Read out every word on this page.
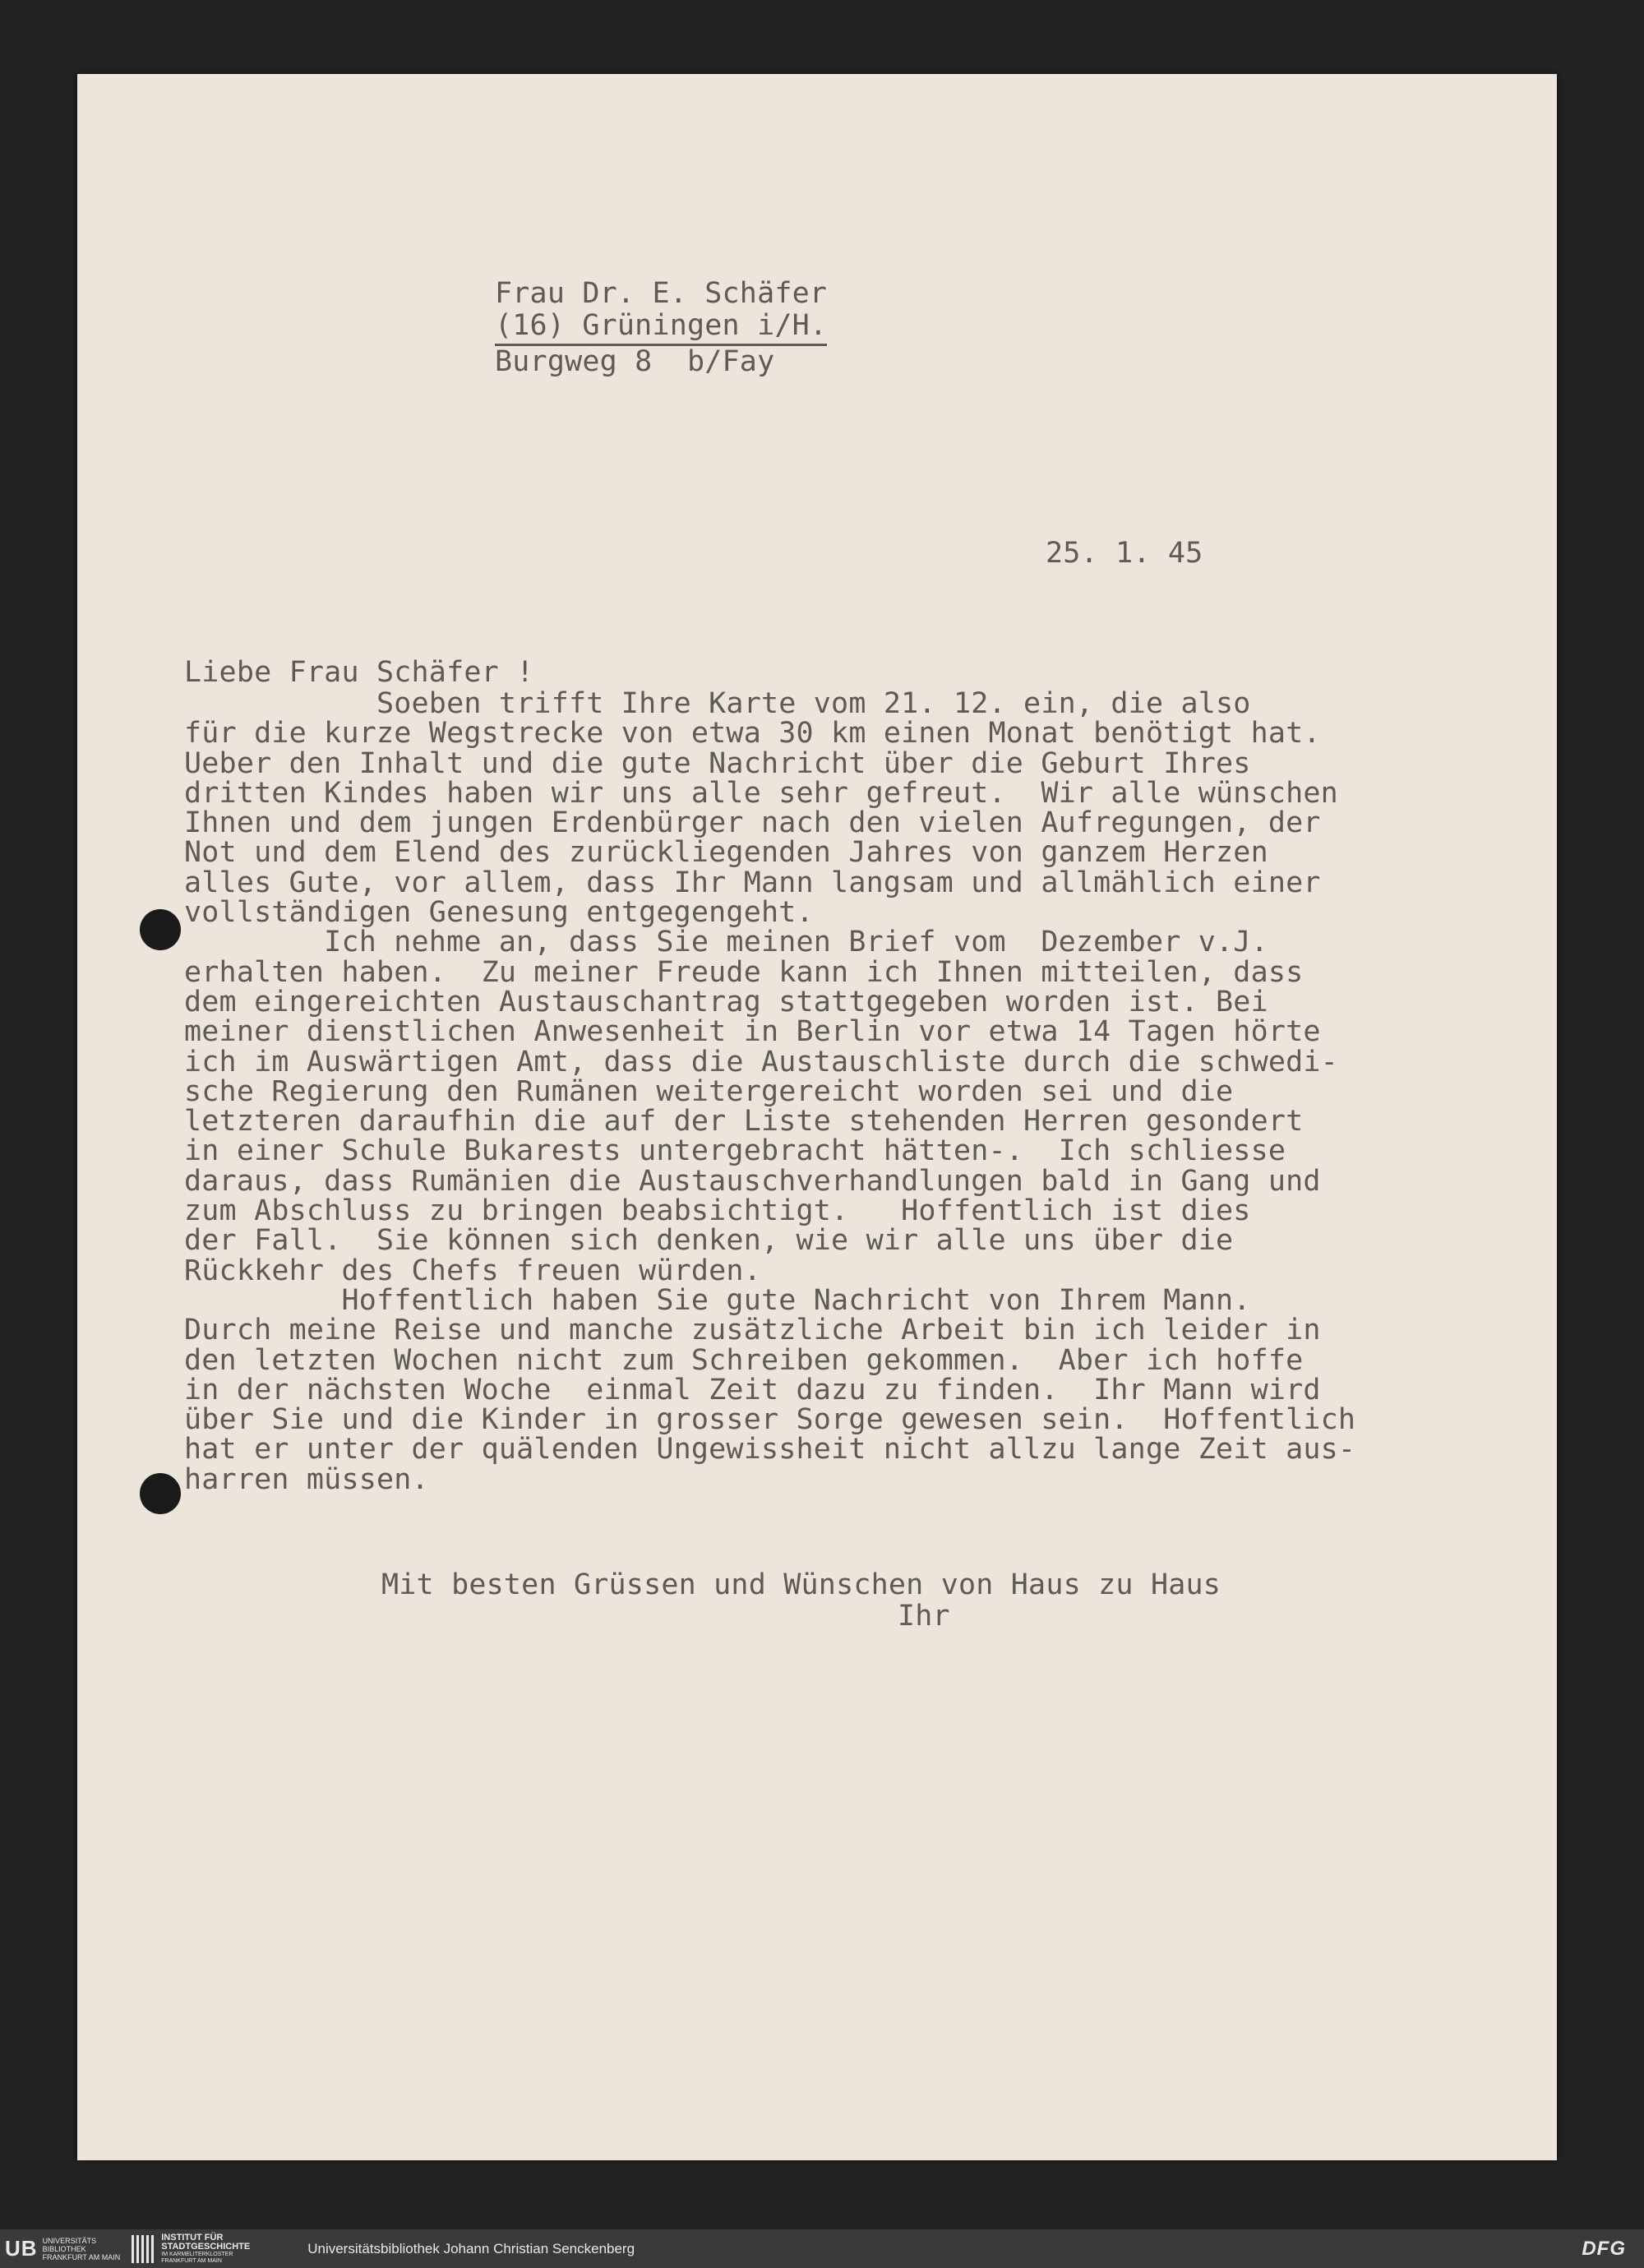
Frau Dr. E. Schäfer
(16) Grüningen i/H.
Burgweg 8  b/Fay
25. 1. 45
Liebe Frau Schäfer !
Soeben trifft Ihre Karte vom 21. 12. ein, die also
für die kurze Wegstrecke von etwa 30 km einen Monat benötigt hat.
Ueber den Inhalt und die gute Nachricht über die Geburt Ihres
dritten Kindes haben wir uns alle sehr gefreut.  Wir alle wünschen
Ihnen und dem jungen Erdenbürger nach den vielen Aufregungen, der
Not und dem Elend des zurückliegenden Jahres von ganzem Herzen
alles Gute, vor allem, dass Ihr Mann langsam und allmählich einer
vollständigen Genesung entgegengeht.
Ich nehme an, dass Sie meinen Brief vom  Dezember v.J.
erhalten haben.  Zu meiner Freude kann ich Ihnen mitteilen, dass
dem eingereichten Austauschantrag stattgegeben worden ist. Bei
meiner dienstlichen Anwesenheit in Berlin vor etwa 14 Tagen hörte
ich im Auswärtigen Amt, dass die Austauschliste durch die schwedi-
sche Regierung den Rumänen weitergereicht worden sei und die
letzteren daraufhin die auf der Liste stehenden Herren gesondert
in einer Schule Bukarests untergebracht hätten-.  Ich schliesse
daraus, dass Rumänien die Austauschverhandlungen bald in Gang und
zum Abschluss zu bringen beabsichtigt.   Hoffentlich ist dies
der Fall.  Sie können sich denken, wie wir alle uns über die
Rückkehr des Chefs freuen würden.
Hoffentlich haben Sie gute Nachricht von Ihrem Mann.
Durch meine Reise und manche zusätzliche Arbeit bin ich leider in
den letzten Wochen nicht zum Schreiben gekommen.  Aber ich hoffe
in der nächsten Woche  einmal Zeit dazu zu finden.  Ihr Mann wird
über Sie und die Kinder in grosser Sorge gewesen sein.  Hoffentlich
hat er unter der quälenden Ungewissheit nicht allzu lange Zeit aus-
harren müssen.
Mit besten Grüssen und Wünschen von Haus zu Haus
Ihr
UB UNIVERSITÄTS
BIBLIOTHEK
FRANKFURT AM MAIN
INSTITUT FÜR
STADTGESCHICHTE
IM KARMELITERKLOSTER
FRANKFURT AM MAIN
Universitätsbibliothek Johann Christian Senckenberg	DFG
